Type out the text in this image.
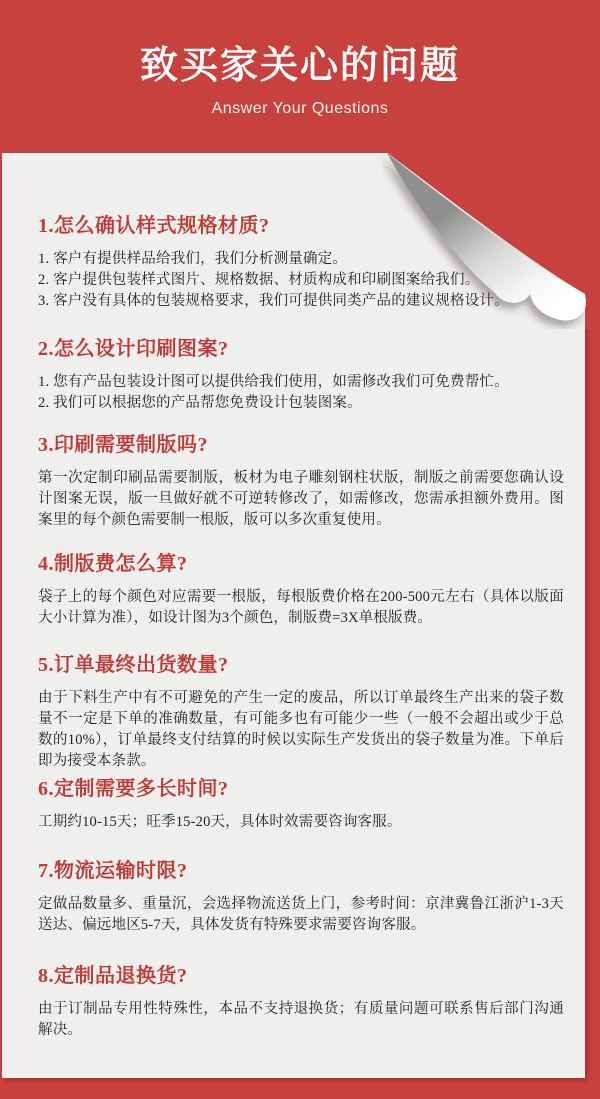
致买家关心的问题
Answer Your Questions
1.怎么确认样式规格材质?
1. 客户有提供样品给我们，我们分析测量确定。
2. 客户提供包装样式图片、规格数据、材质构成和印刷图案给我们。
3. 客户没有具体的包装规格要求，我们可提供同类产品的建议规格设计。
2.怎么设计印刷图案?
1. 您有产品包装设计图可以提供给我们使用，如需修改我们可免费帮忙。
2. 我们可以根据您的产品帮您免费设计包装图案。
3.印刷需要制版吗?
第一次定制印刷品需要制版，板材为电子雕刻钢柱状版，制版之前需要您确认设计图案无误，版一旦做好就不可逆转修改了，如需修改，您需承担额外费用。图案里的每个颜色需要制一根版，版可以多次重复使用。
4.制版费怎么算?
袋子上的每个颜色对应需要一根版，每根版费价格在200-500元左右（具体以版面大小计算为准），如设计图为3个颜色，制版费=3X单根版费。
5.订单最终出货数量?
由于下料生产中有不可避免的产生一定的废品，所以订单最终生产出来的袋子数量不一定是下单的准确数量，有可能多也有可能少一些（一般不会超出或少于总数的10%），订单最终支付结算的时候以实际生产发货出的袋子数量为准。下单后即为接受本条款。
6.定制需要多长时间?
工期约10-15天；旺季15-20天，具体时效需要咨询客服。
7.物流运输时限?
定做品数量多、重量沉，会选择物流送货上门，参考时间：京津冀鲁江浙沪1-3天送达、偏远地区5-7天，具体发货有特殊要求需要咨询客服。
8.定制品退换货?
由于订制品专用性特殊性，本品不支持退换货；有质量问题可联系售后部门沟通解决。
